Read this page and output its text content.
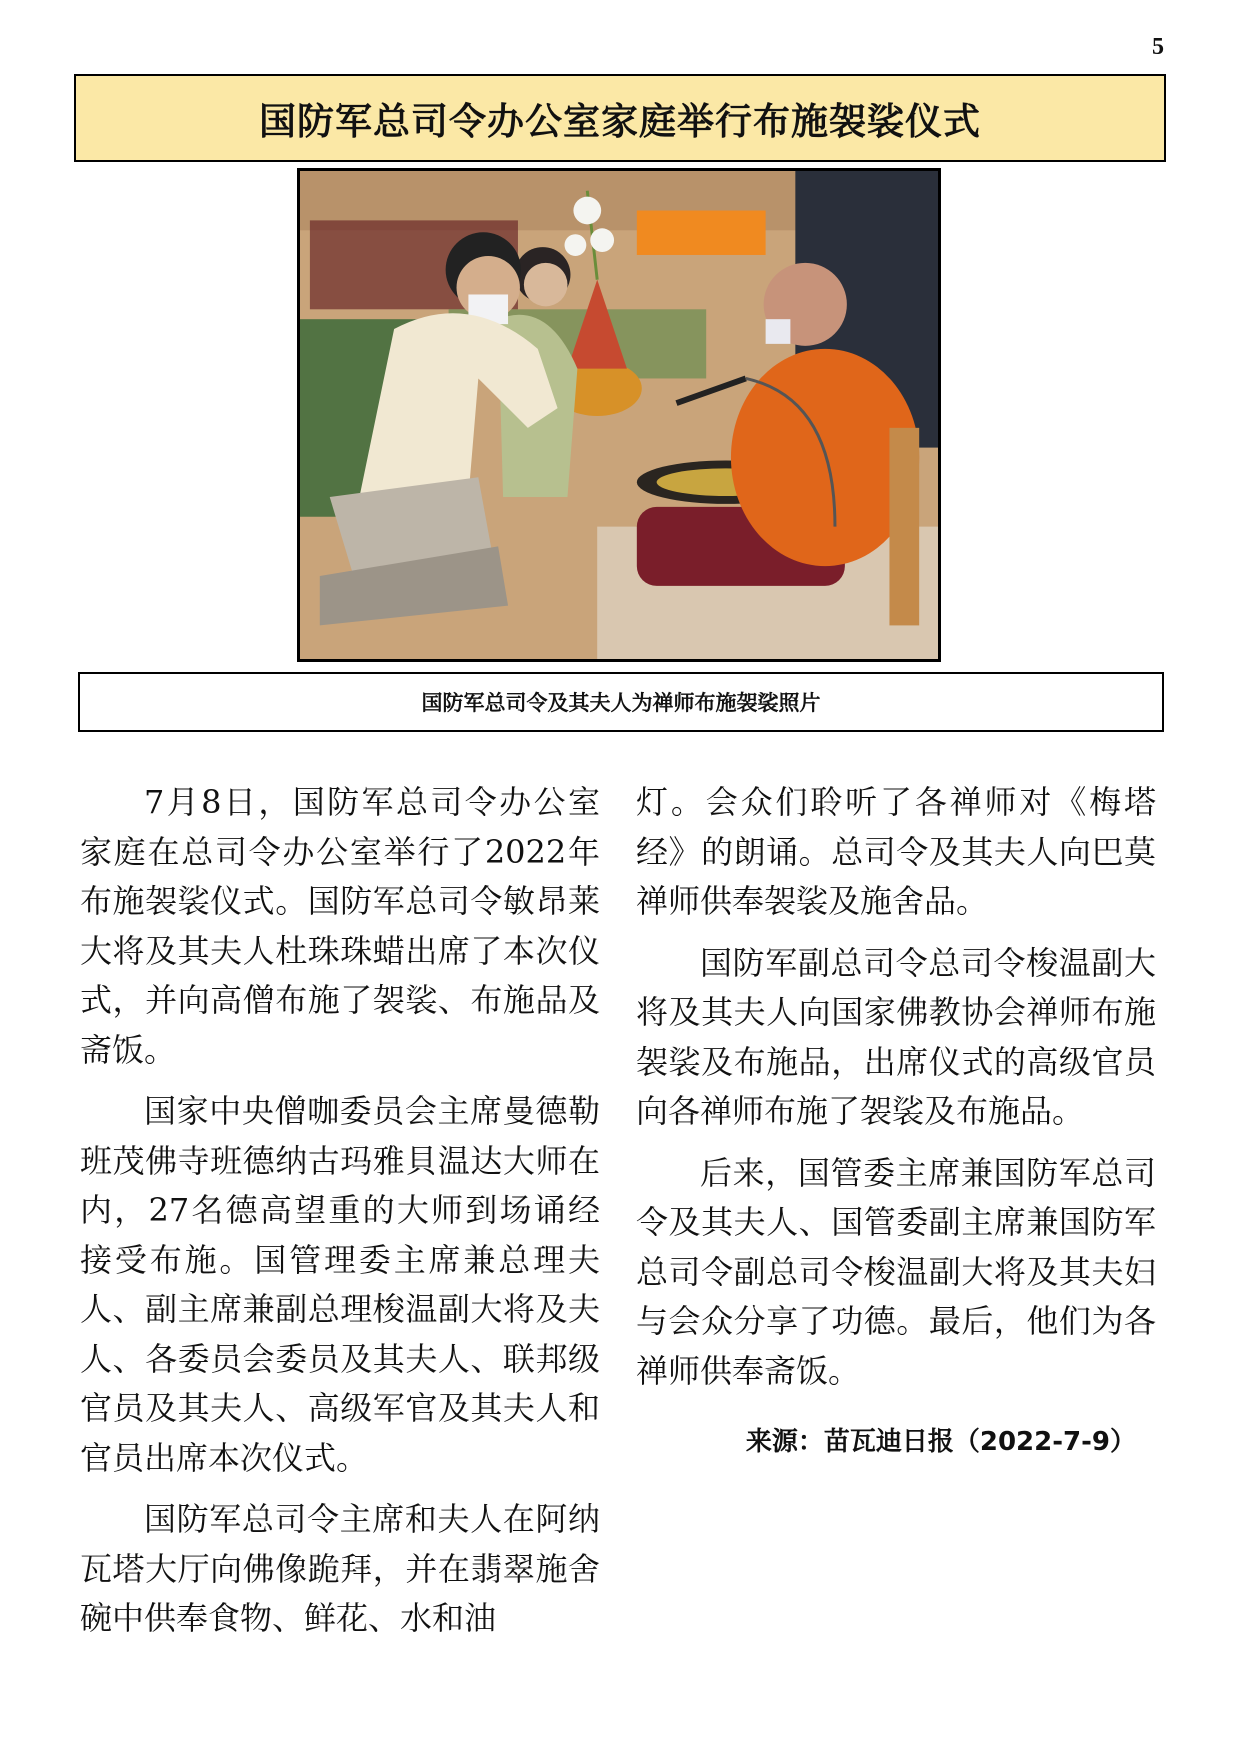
5
国防军总司令办公室家庭举行布施袈裟仪式
国防军总司令及其夫人为禅师布施袈裟照片

7月8日，国防军总司令办公室家庭在总司令办公室举行了2022年布施袈裟仪式。国防军总司令敏昂莱大将及其夫人杜珠珠蜡出席了本次仪式，并向高僧布施了袈裟、布施品及斋饭。

国家中央僧咖委员会主席曼德勒班茂佛寺班德纳古玛雅貝温达大师在内，27名德高望重的大师到场诵经接受布施。国管理委主席兼总理夫人、副主席兼副总理梭温副大将及夫人、各委员会委员及其夫人、联邦级官员及其夫人、高级军官及其夫人和官员出席本次仪式。

国防军总司令主席和夫人在阿纳瓦塔大厅向佛像跪拜，并在翡翠施舍碗中供奉食物、鲜花、水和油

灯。会众们聆听了各禅师对《梅塔经》的朗诵。总司令及其夫人向巴莫禅师供奉袈裟及施舍品。

国防军副总司令总司令梭温副大将及其夫人向国家佛教协会禅师布施袈裟及布施品，出席仪式的高级官员向各禅师布施了袈裟及布施品。

后来，国管委主席兼国防军总司令及其夫人、国管委副主席兼国防军总司令副总司令梭温副大将及其夫妇与会众分享了功德。最后，他们为各禅师供奉斋饭。

来源：苗瓦迪日报（2022-7-9）
